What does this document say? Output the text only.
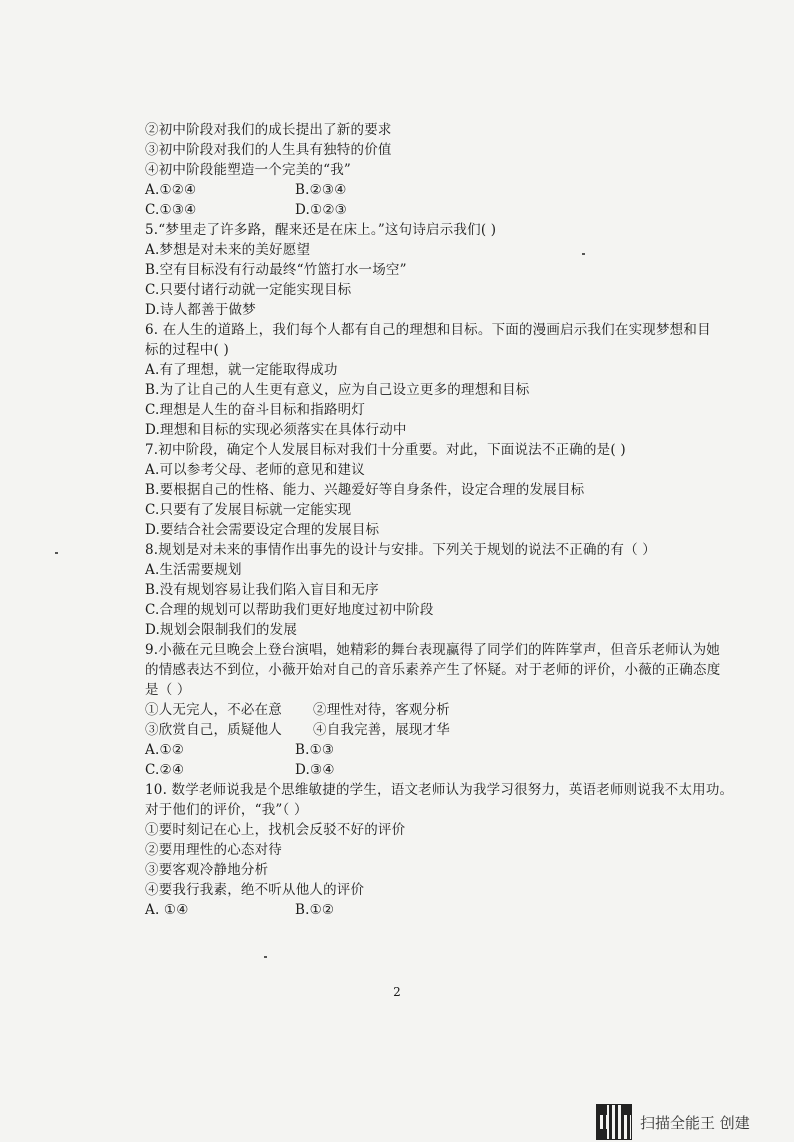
②初中阶段对我们的成长提出了新的要求
③初中阶段对我们的人生具有独特的价值
④初中阶段能塑造一个完美的“我”
A.①②④	B.②③④
C.①③④	D.①②③
5.“梦里走了许多路，醒来还是在床上。”这句诗启示我们( )
A.梦想是对未来的美好愿望
B.空有目标没有行动最终“竹篮打水一场空”
C.只要付诸行动就一定能实现目标
D.诗人都善于做梦
6. 在人生的道路上，我们每个人都有自己的理想和目标。下面的漫画启示我们在实现梦想和目
标的过程中( )
A.有了理想，就一定能取得成功
B.为了让自己的人生更有意义，应为自己设立更多的理想和目标
C.理想是人生的奋斗目标和指路明灯
D.理想和目标的实现必须落实在具体行动中
7.初中阶段，确定个人发展目标对我们十分重要。对此，下面说法不正确的是( )
A.可以参考父母、老师的意见和建议
B.要根据自己的性格、能力、兴趣爱好等自身条件，设定合理的发展目标
C.只要有了发展目标就一定能实现
D.要结合社会需要设定合理的发展目标
8.规划是对未来的事情作出事先的设计与安排。下列关于规划的说法不正确的有（ ）
A.生活需要规划
B.没有规划容易让我们陷入盲目和无序
C.合理的规划可以帮助我们更好地度过初中阶段
D.规划会限制我们的发展
9.小薇在元旦晚会上登台演唱，她精彩的舞台表现赢得了同学们的阵阵掌声，但音乐老师认为她
的情感表达不到位，小薇开始对自己的音乐素养产生了怀疑。对于老师的评价，小薇的正确态度
是（ ）
①人无完人，不必在意	②理性对待，客观分析
③欣赏自己，质疑他人	④自我完善，展现才华
A.①②	B.①③
C.②④	D.③④
10. 数学老师说我是个思维敏捷的学生，语文老师认为我学习很努力，英语老师则说我不太用功。
对于他们的评价，“我”（ ）
①要时刻记在心上，找机会反驳不好的评价
②要用理性的心态对待
③要客观冷静地分析
④要我行我素，绝不听从他人的评价
A. ①④	B.①②
2
扫描全能王 创建
